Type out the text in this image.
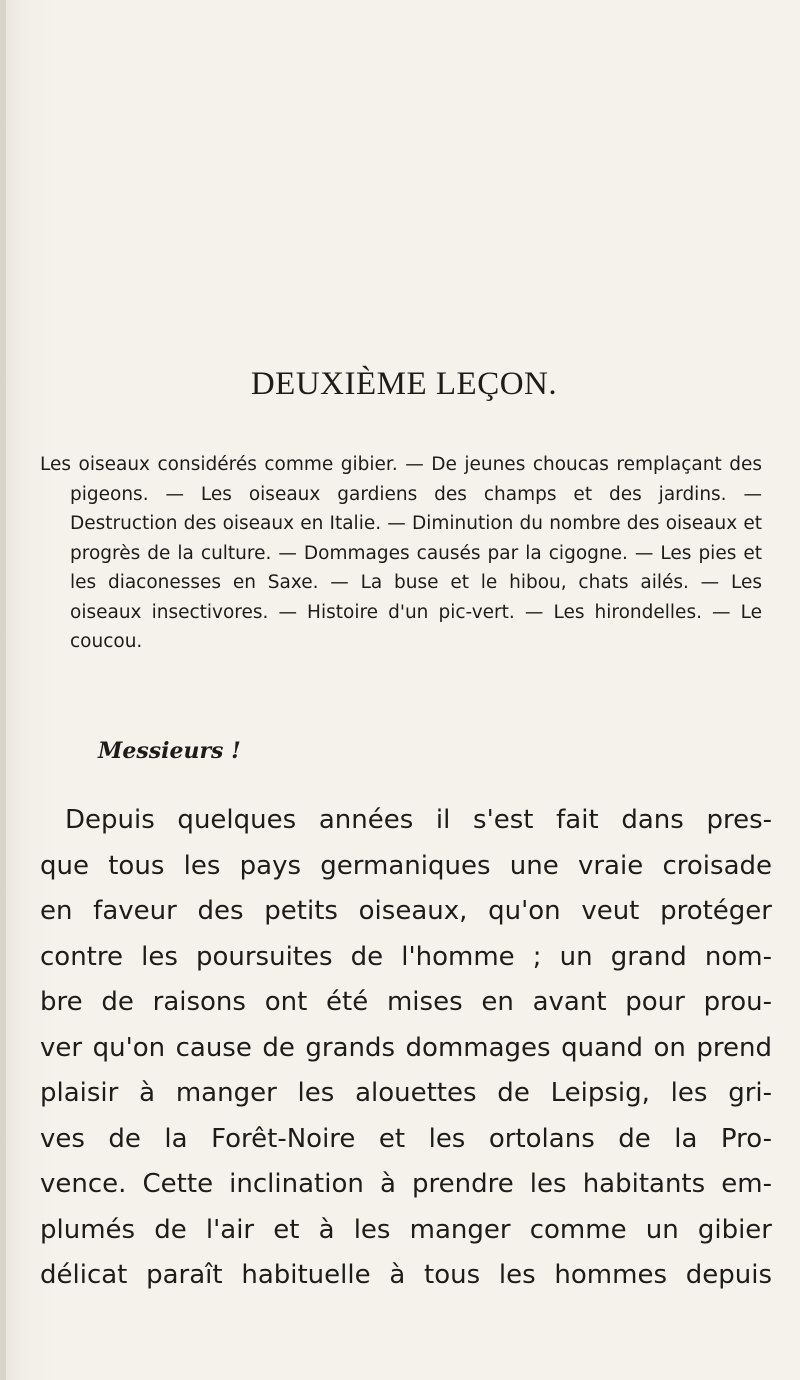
DEUXIÈME LEÇON.

Les oiseaux considérés comme gibier. — De jeunes choucas remplaçant des pigeons. — Les oiseaux gardiens des champs et des jardins. — Destruction des oiseaux en Italie. — Diminution du nombre des oiseaux et progrès de la culture. — Dommages causés par la cigogne. — Les pies et les diaconesses en Saxe. — La buse et le hibou, chats ailés. — Les oiseaux insectivores. — Histoire d'un pic-vert. — Les hirondelles. — Le coucou.

Messieurs !

Depuis quelques années il s'est fait dans pres-
que tous les pays germaniques une vraie croisade
en faveur des petits oiseaux, qu'on veut protéger
contre les poursuites de l'homme ; un grand nom-
bre de raisons ont été mises en avant pour prou-
ver qu'on cause de grands dommages quand on prend
plaisir à manger les alouettes de Leipsig, les gri-
ves de la Forêt-Noire et les ortolans de la Pro-
vence. Cette inclination à prendre les habitants em-
plumés de l'air et à les manger comme un gibier
délicat paraît habituelle à tous les hommes depuis
